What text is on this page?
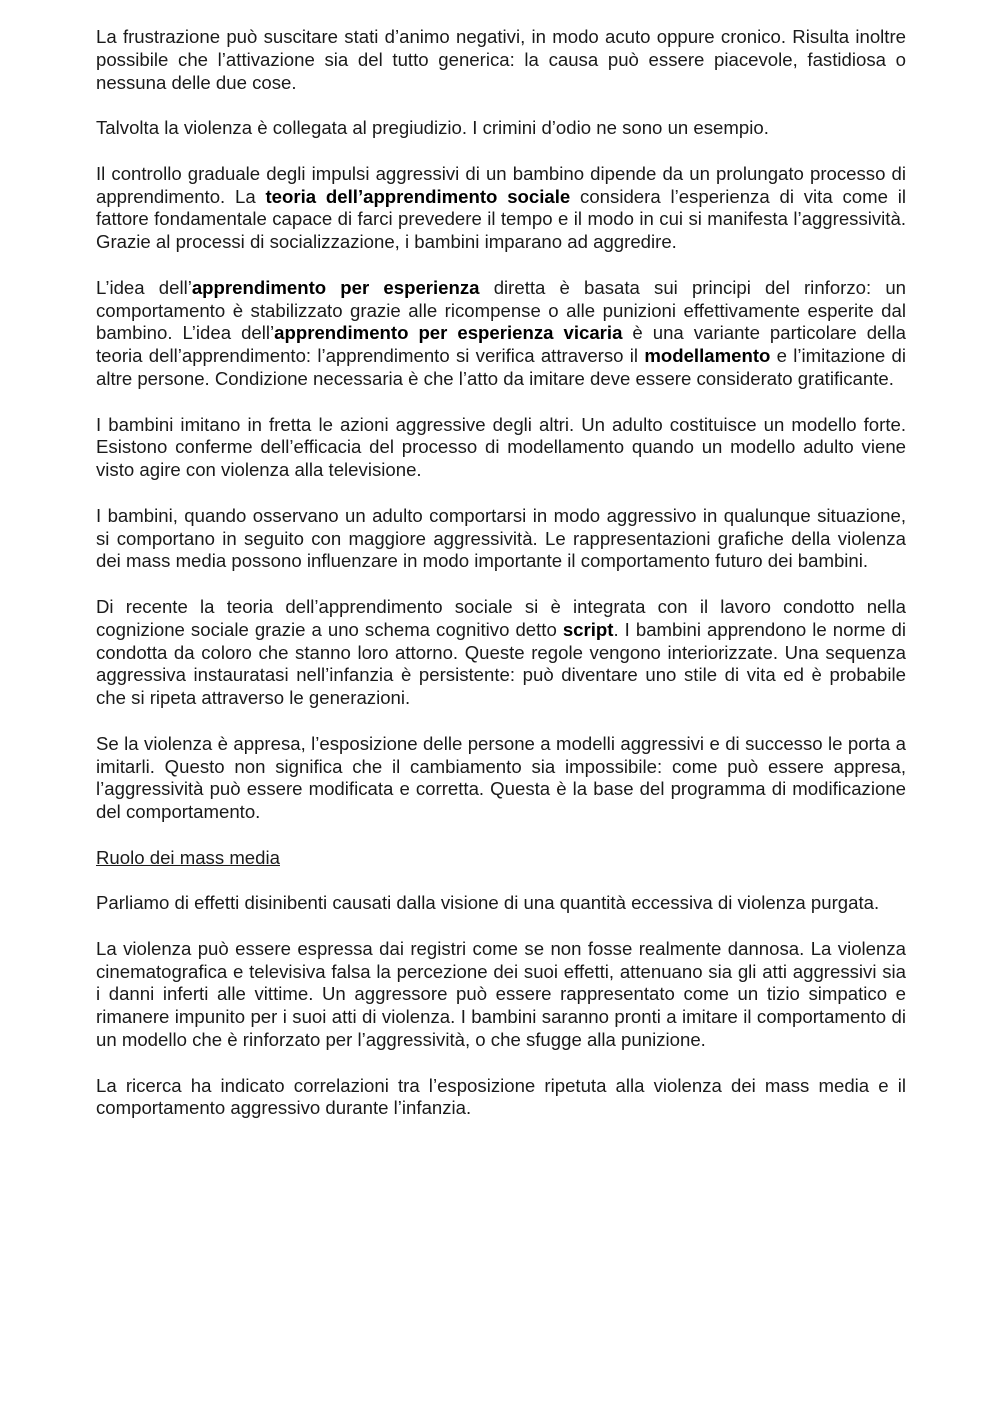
La frustrazione può suscitare stati d’animo negativi, in modo acuto oppure cronico. Risulta inoltre possibile che l’attivazione sia del tutto generica: la causa può essere piacevole, fastidiosa o nessuna delle due cose.

Talvolta la violenza è collegata al pregiudizio. I crimini d’odio ne sono un esempio.

Il controllo graduale degli impulsi aggressivi di un bambino dipende da un prolungato processo di apprendimento. La teoria dell’apprendimento sociale considera l’esperienza di vita come il fattore fondamentale capace di farci prevedere il tempo e il modo in cui si manifesta l’aggressività. Grazie al processi di socializzazione, i bambini imparano ad aggredire.

L’idea dell’apprendimento per esperienza diretta è basata sui principi del rinforzo: un comportamento è stabilizzato grazie alle ricompense o alle punizioni effettivamente esperite dal bambino. L’idea dell’apprendimento per esperienza vicaria è una variante particolare della teoria dell’apprendimento: l’apprendimento si verifica attraverso il modellamento e l’imitazione di altre persone. Condizione necessaria è che l’atto da imitare deve essere considerato gratificante.

I bambini imitano in fretta le azioni aggressive degli altri. Un adulto costituisce un modello forte. Esistono conferme dell’efficacia del processo di modellamento quando un modello adulto viene visto agire con violenza alla televisione.

I bambini, quando osservano un adulto comportarsi in modo aggressivo in qualunque situazione, si comportano in seguito con maggiore aggressività. Le rappresentazioni grafiche della violenza dei mass media possono influenzare in modo importante il comportamento futuro dei bambini.

Di recente la teoria dell’apprendimento sociale si è integrata con il lavoro condotto nella cognizione sociale grazie a uno schema cognitivo detto script. I bambini apprendono le norme di condotta da coloro che stanno loro attorno. Queste regole vengono interiorizzate. Una sequenza aggressiva instauratasi nell’infanzia è persistente: può diventare uno stile di vita ed è probabile che si ripeta attraverso le generazioni.

Se la violenza è appresa, l’esposizione delle persone a modelli aggressivi e di successo le porta a imitarli. Questo non significa che il cambiamento sia impossibile: come può essere appresa, l’aggressività può essere modificata e corretta. Questa è la base del programma di modificazione del comportamento.

Ruolo dei mass media

Parliamo di effetti disinibenti causati dalla visione di una quantità eccessiva di violenza purgata.

La violenza può essere espressa dai registri come se non fosse realmente dannosa. La violenza cinematografica e televisiva falsa la percezione dei suoi effetti, attenuano sia gli atti aggressivi sia i danni inferti alle vittime. Un aggressore può essere rappresentato come un tizio simpatico e rimanere impunito per i suoi atti di violenza. I bambini saranno pronti a imitare il comportamento di un modello che è rinforzato per l’aggressività, o che sfugge alla punizione.

La ricerca ha indicato correlazioni tra l’esposizione ripetuta alla violenza dei mass media e il comportamento aggressivo durante l’infanzia.
